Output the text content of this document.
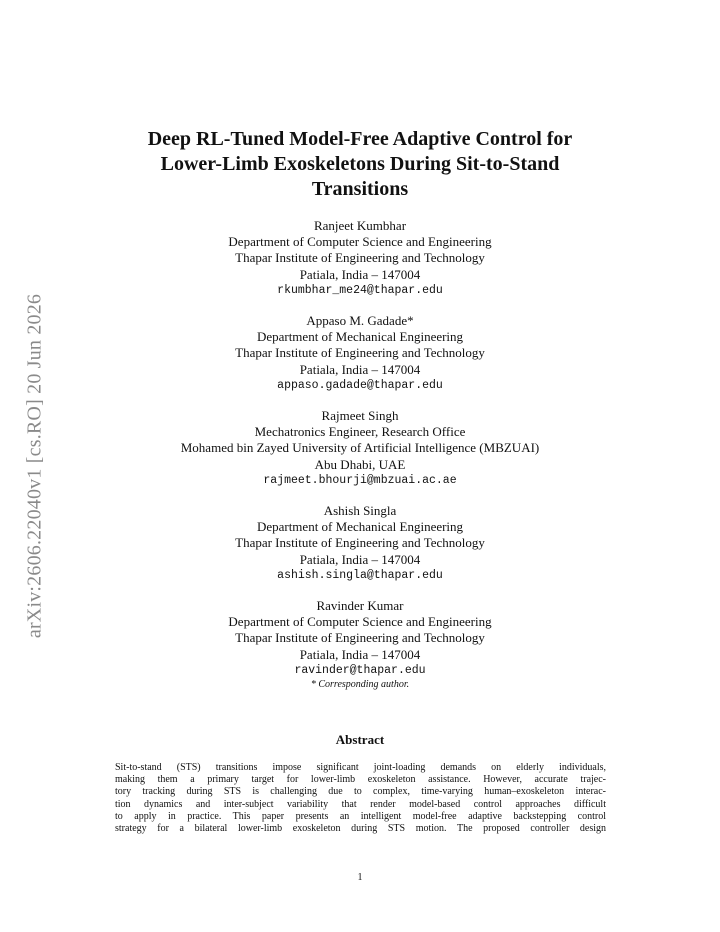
arXiv:2606.22040v1 [cs.RO] 20 Jun 2026
Deep RL-Tuned Model-Free Adaptive Control for
Lower-Limb Exoskeletons During Sit-to-Stand
Transitions
Ranjeet Kumbhar
Department of Computer Science and Engineering
Thapar Institute of Engineering and Technology
Patiala, India – 147004
rkumbhar_me24@thapar.edu
Appaso M. Gadade*
Department of Mechanical Engineering
Thapar Institute of Engineering and Technology
Patiala, India – 147004
appaso.gadade@thapar.edu
Rajmeet Singh
Mechatronics Engineer, Research Office
Mohamed bin Zayed University of Artificial Intelligence (MBZUAI)
Abu Dhabi, UAE
rajmeet.bhourji@mbzuai.ac.ae
Ashish Singla
Department of Mechanical Engineering
Thapar Institute of Engineering and Technology
Patiala, India – 147004
ashish.singla@thapar.edu
Ravinder Kumar
Department of Computer Science and Engineering
Thapar Institute of Engineering and Technology
Patiala, India – 147004
ravinder@thapar.edu
* Corresponding author.
Abstract

Sit-to-stand (STS) transitions impose significant joint-loading demands on elderly individuals,
making them a primary target for lower-limb exoskeleton assistance. However, accurate trajec-
tory tracking during STS is challenging due to complex, time-varying human–exoskeleton interac-
tion dynamics and inter-subject variability that render model-based control approaches difficult
to apply in practice. This paper presents an intelligent model-free adaptive backstepping control
strategy for a bilateral lower-limb exoskeleton during STS motion. The proposed controller design

1
